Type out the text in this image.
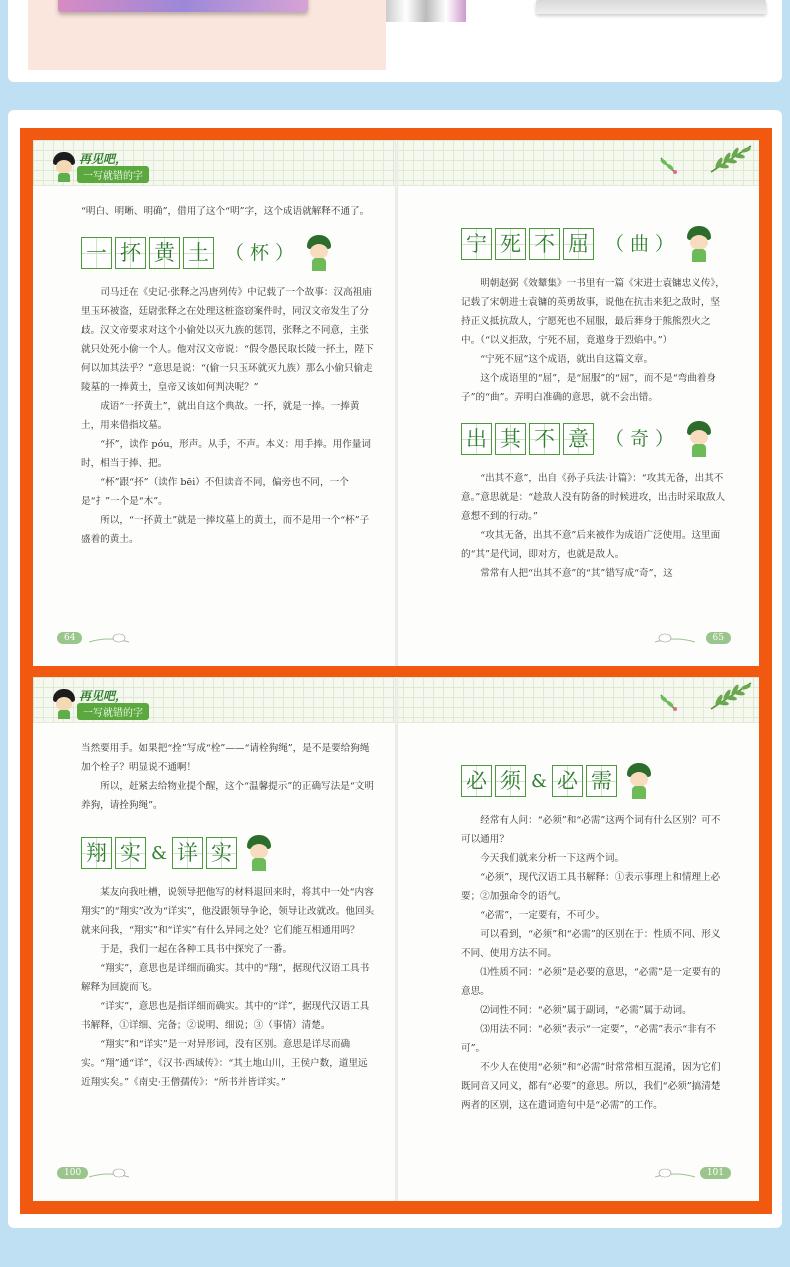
再见吧，
一写就错的字

“明白、明晰、明确”，借用了这个“明”字，这个成语就解释不通了。

一 抔 黄 土 （杯）

司马迁在《史记·张释之冯唐列传》中记载了一个故事：汉高祖庙里玉环被盗，廷尉张释之在处理这桩盗窃案件时，同汉文帝发生了分歧。汉文帝要求对这个小偷处以灭九族的惩罚，张释之不同意，主张就只处死小偷一个人。他对汉文帝说：“假令愚民取长陵一抔土，陛下何以加其法乎？”意思是说：“(偷一只玉环就灭九族）那么小偷只偷走陵墓的一捧黄土，皇帝又该如何判决呢？”

成语“一抔黄土”，就出自这个典故。一抔，就是一捧。一捧黄土，用来借指坟墓。

“抔”，读作 póu，形声。从手，不声。本义：用手捧。用作量词时，相当于捧、把。

“杯”跟“抔”（读作 bēi）不但读音不同，偏旁也不同，一个是“扌”一个是“木”。

所以，“一抔黄土”就是一捧坟墓上的黄土，而不是用一个“杯”子盛着的黄土。

宁 死 不 屈 （曲）

明朝赵弼《效颦集》一书里有一篇《宋进士袁镛忠义传》，记载了宋朝进士袁镛的英勇故事，说他在抗击来犯之敌时，坚持正义抵抗敌人，宁愿死也不屈服，最后葬身于熊熊烈火之中。（“以义拒敌，宁死不屈，竟遨身于烈焰中。”）

“宁死不屈”这个成语，就出自这篇文章。

这个成语里的“屈”，是“屈服”的“屈”，而不是“弯曲着身子”的“曲”。弄明白准确的意思，就不会出错。

出 其 不 意 （奇）

“出其不意”，出自《孙子兵法·计篇》：“攻其无备，出其不意。”意思就是：“趁敌人没有防备的时候进攻，出击时采取敌人意想不到的行动。”

“攻其无备，出其不意”后来被作为成语广泛使用。这里面的“其”是代词，即对方，也就是敌人。

常常有人把“出其不意”的“其”错写成“奇”，这

64	65
再见吧，
一写就错的字

当然要用手。如果把“拴”写成“栓”——“请栓狗绳”，是不是要给狗绳加个栓子？明显说不通啊！

所以，赶紧去给物业提个醒，这个“温馨提示”的正确写法是“文明养狗，请拴狗绳”。

翔 实 & 详 实

某友向我吐槽，说领导把他写的材料退回来时，将其中一处“内容翔实”的“翔实”改为“详实”，他没跟领导争论，领导让改就改。他回头就来问我，“翔实”和“详实”有什么异同之处？它们能互相通用吗？

于是，我们一起在各种工具书中探究了一番。

“翔实”，意思也是详细而确实。其中的“翔”，据现代汉语工具书解释为回旋而飞。

“详实”，意思也是指详细而确实。其中的“详”，据现代汉语工具书解释，①详细、完备；②说明、细说；③（事情）清楚。

“翔实”和“详实”是一对异形词，没有区别。意思是详尽而确实。“翔”通“详”，《汉书·西域传》：“其土地山川，王侯户数，道里远近翔实矣。”《南史·王僧孺传》：“所书并皆详实。”

必 须 & 必 需

经常有人问：“必须”和“必需”这两个词有什么区别？可不可以通用？

今天我们就来分析一下这两个词。

“必须”，现代汉语工具书解释：①表示事理上和情理上必要；②加强命令的语气。

“必需”，一定要有，不可少。

可以看到，“必须”和“必需”的区别在于：性质不同、形义不同、使用方法不同。

⑴性质不同：“必须”是必要的意思，“必需”是一定要有的意思。

⑵词性不同：“必须”属于副词，“必需”属于动词。

⑶用法不同：“必须”表示“一定要”，“必需”表示“非有不可”。

不少人在使用“必须”和“必需”时常常相互混淆，因为它们既同音又同义，都有“必要”的意思。所以，我们“必须”搞清楚两者的区别，这在遣词造句中是“必需”的工作。

100	101
